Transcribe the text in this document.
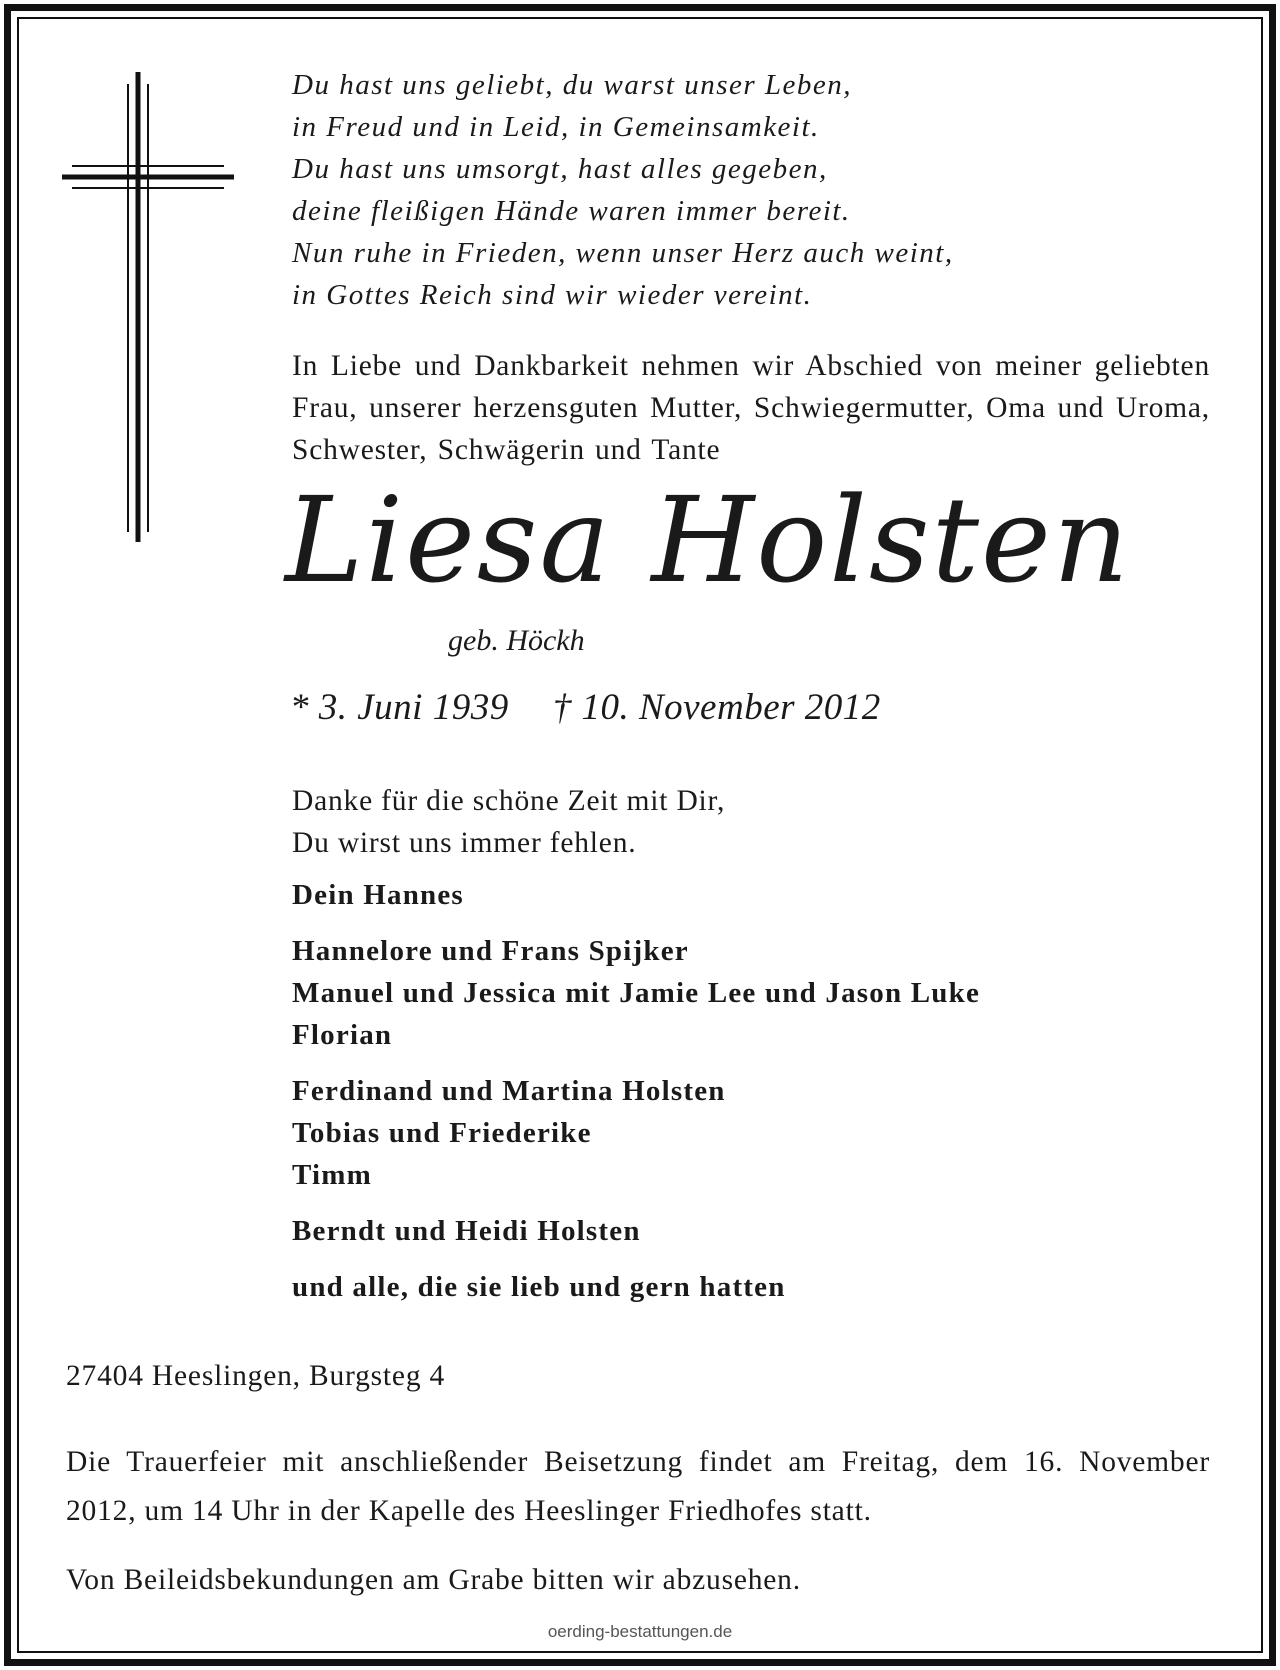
Du hast uns geliebt, du warst unser Leben,
in Freud und in Leid, in Gemeinsamkeit.
Du hast uns umsorgt, hast alles gegeben,
deine fleißigen Hände waren immer bereit.
Nun ruhe in Frieden, wenn unser Herz auch weint,
in Gottes Reich sind wir wieder vereint.
In Liebe und Dankbarkeit nehmen wir Abschied von meiner geliebten Frau, unserer herzensguten Mutter, Schwiegermutter, Oma und Uroma, Schwester, Schwägerin und Tante
Liesa Holsten
geb. Höckh
* 3. Juni 1939 † 10. November 2012
Danke für die schöne Zeit mit Dir,
Du wirst uns immer fehlen.
Dein Hannes
Hannelore und Frans Spijker
Manuel und Jessica mit Jamie Lee und Jason Luke
Florian
Ferdinand und Martina Holsten
Tobias und Friederike
Timm
Berndt und Heidi Holsten
und alle, die sie lieb und gern hatten
27404 Heeslingen, Burgsteg 4
Die Trauerfeier mit anschließender Beisetzung findet am Freitag, dem 16. November 2012, um 14 Uhr in der Kapelle des Heeslinger Friedhofes statt.
Von Beileidsbekundungen am Grabe bitten wir abzusehen.
oerding-bestattungen.de
